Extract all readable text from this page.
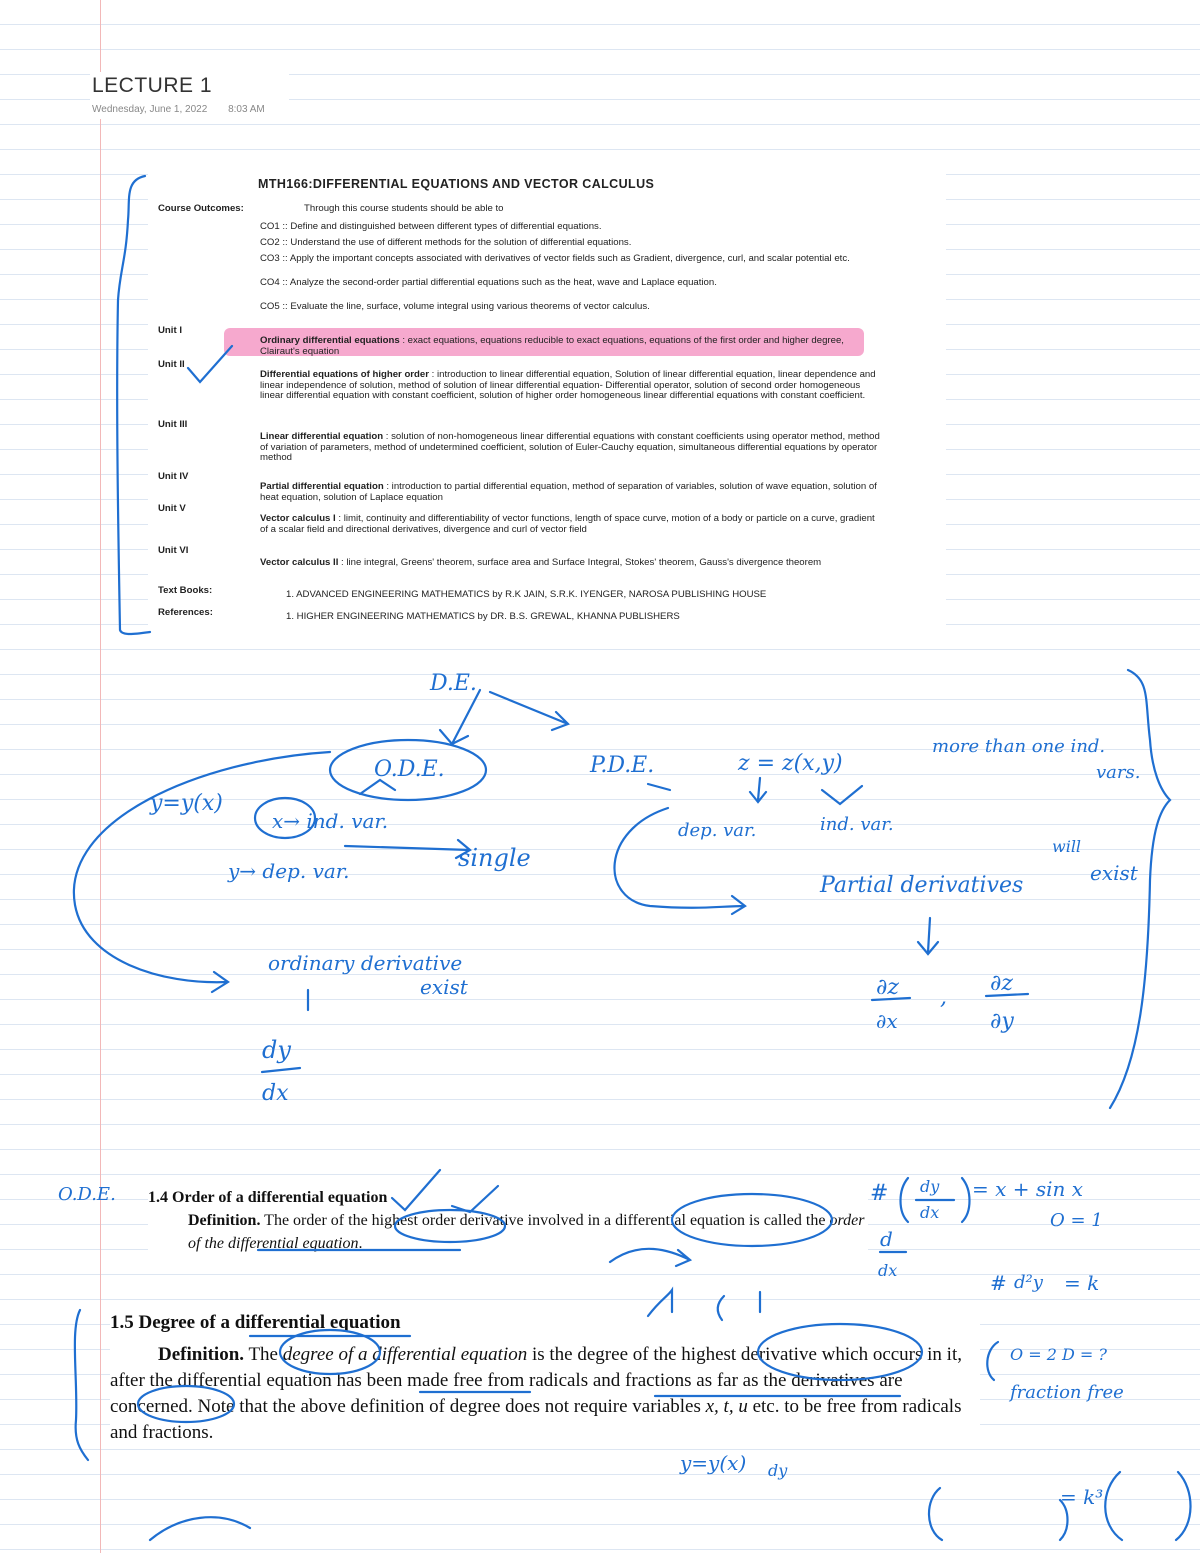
LECTURE 1
Wednesday, June 1, 2022 8:03 AM
MTH166:DIFFERENTIAL EQUATIONS AND VECTOR CALCULUS
Course Outcomes:	Through this course students should be able to
CO1 :: Define and distinguished between different types of differential equations.
CO2 :: Understand the use of different methods for the solution of differential equations.
CO3 :: Apply the important concepts associated with derivatives of vector fields such as Gradient, divergence, curl, and scalar potential etc.
CO4 :: Analyze the second-order partial differential equations such as the heat, wave and Laplace equation.
CO5 :: Evaluate the line, surface, volume integral using various theorems of vector calculus.
Unit I
Ordinary differential equations : exact equations, equations reducible to exact equations, equations of the first order and higher degree, Clairaut's equation
Unit II
Differential equations of higher order : introduction to linear differential equation, Solution of linear differential equation, linear dependence and linear independence of solution, method of solution of linear differential equation- Differential operator, solution of second order homogeneous linear differential equation with constant coefficient, solution of higher order homogeneous linear differential equations with constant coefficient.
Unit III
Linear differential equation : solution of non-homogeneous linear differential equations with constant coefficients using operator method, method of variation of parameters, method of undetermined coefficient, solution of Euler-Cauchy equation, simultaneous differential equations by operator method
Unit IV
Partial differential equation : introduction to partial differential equation, method of separation of variables, solution of wave equation, solution of heat equation, solution of Laplace equation
Unit V
Vector calculus I : limit, continuity and differentiability of vector functions, length of space curve, motion of a body or particle on a curve, gradient of a scalar field and directional derivatives, divergence and curl of vector field
Unit VI
Vector calculus II : line integral, Greens' theorem, surface area and Surface Integral, Stokes' theorem, Gauss's divergence theorem
Text Books:	1. ADVANCED ENGINEERING MATHEMATICS by R.K JAIN, S.R.K. IYENGER, NAROSA PUBLISHING HOUSE
References:	1. HIGHER ENGINEERING MATHEMATICS by DR. B.S. GREWAL, KHANNA PUBLISHERS
1.4 Order of a differential equation

Definition. The order of the highest order derivative involved in a differential equation is called the order of the differential equation.

1.5 Degree of a differential equation

Definition. The degree of a differential equation is the degree of the highest derivative which occurs in it, after the differential equation has been made free from radicals and fractions as far as the derivatives are concerned. Note that the above definition of degree does not require variables x, t, u etc. to be free from radicals and fractions.

D.E.
O.D.E.	P.D.E.
y=y(x)
x→ ind. var.
y→ dep. var.	single
ordinary derivative
exist
dy
dx
z = z(x,y)
dep. var.	ind. var.
more than one ind.
vars.
will
Partial derivatives	exist
∂z
∂x
,
∂z
∂y
O.D.E.	# dy
dx
= x + sin x
O = 1
d
dx
# d²y = k
O = 2 D = ?
fraction free
y=y(x) dy
= k³
